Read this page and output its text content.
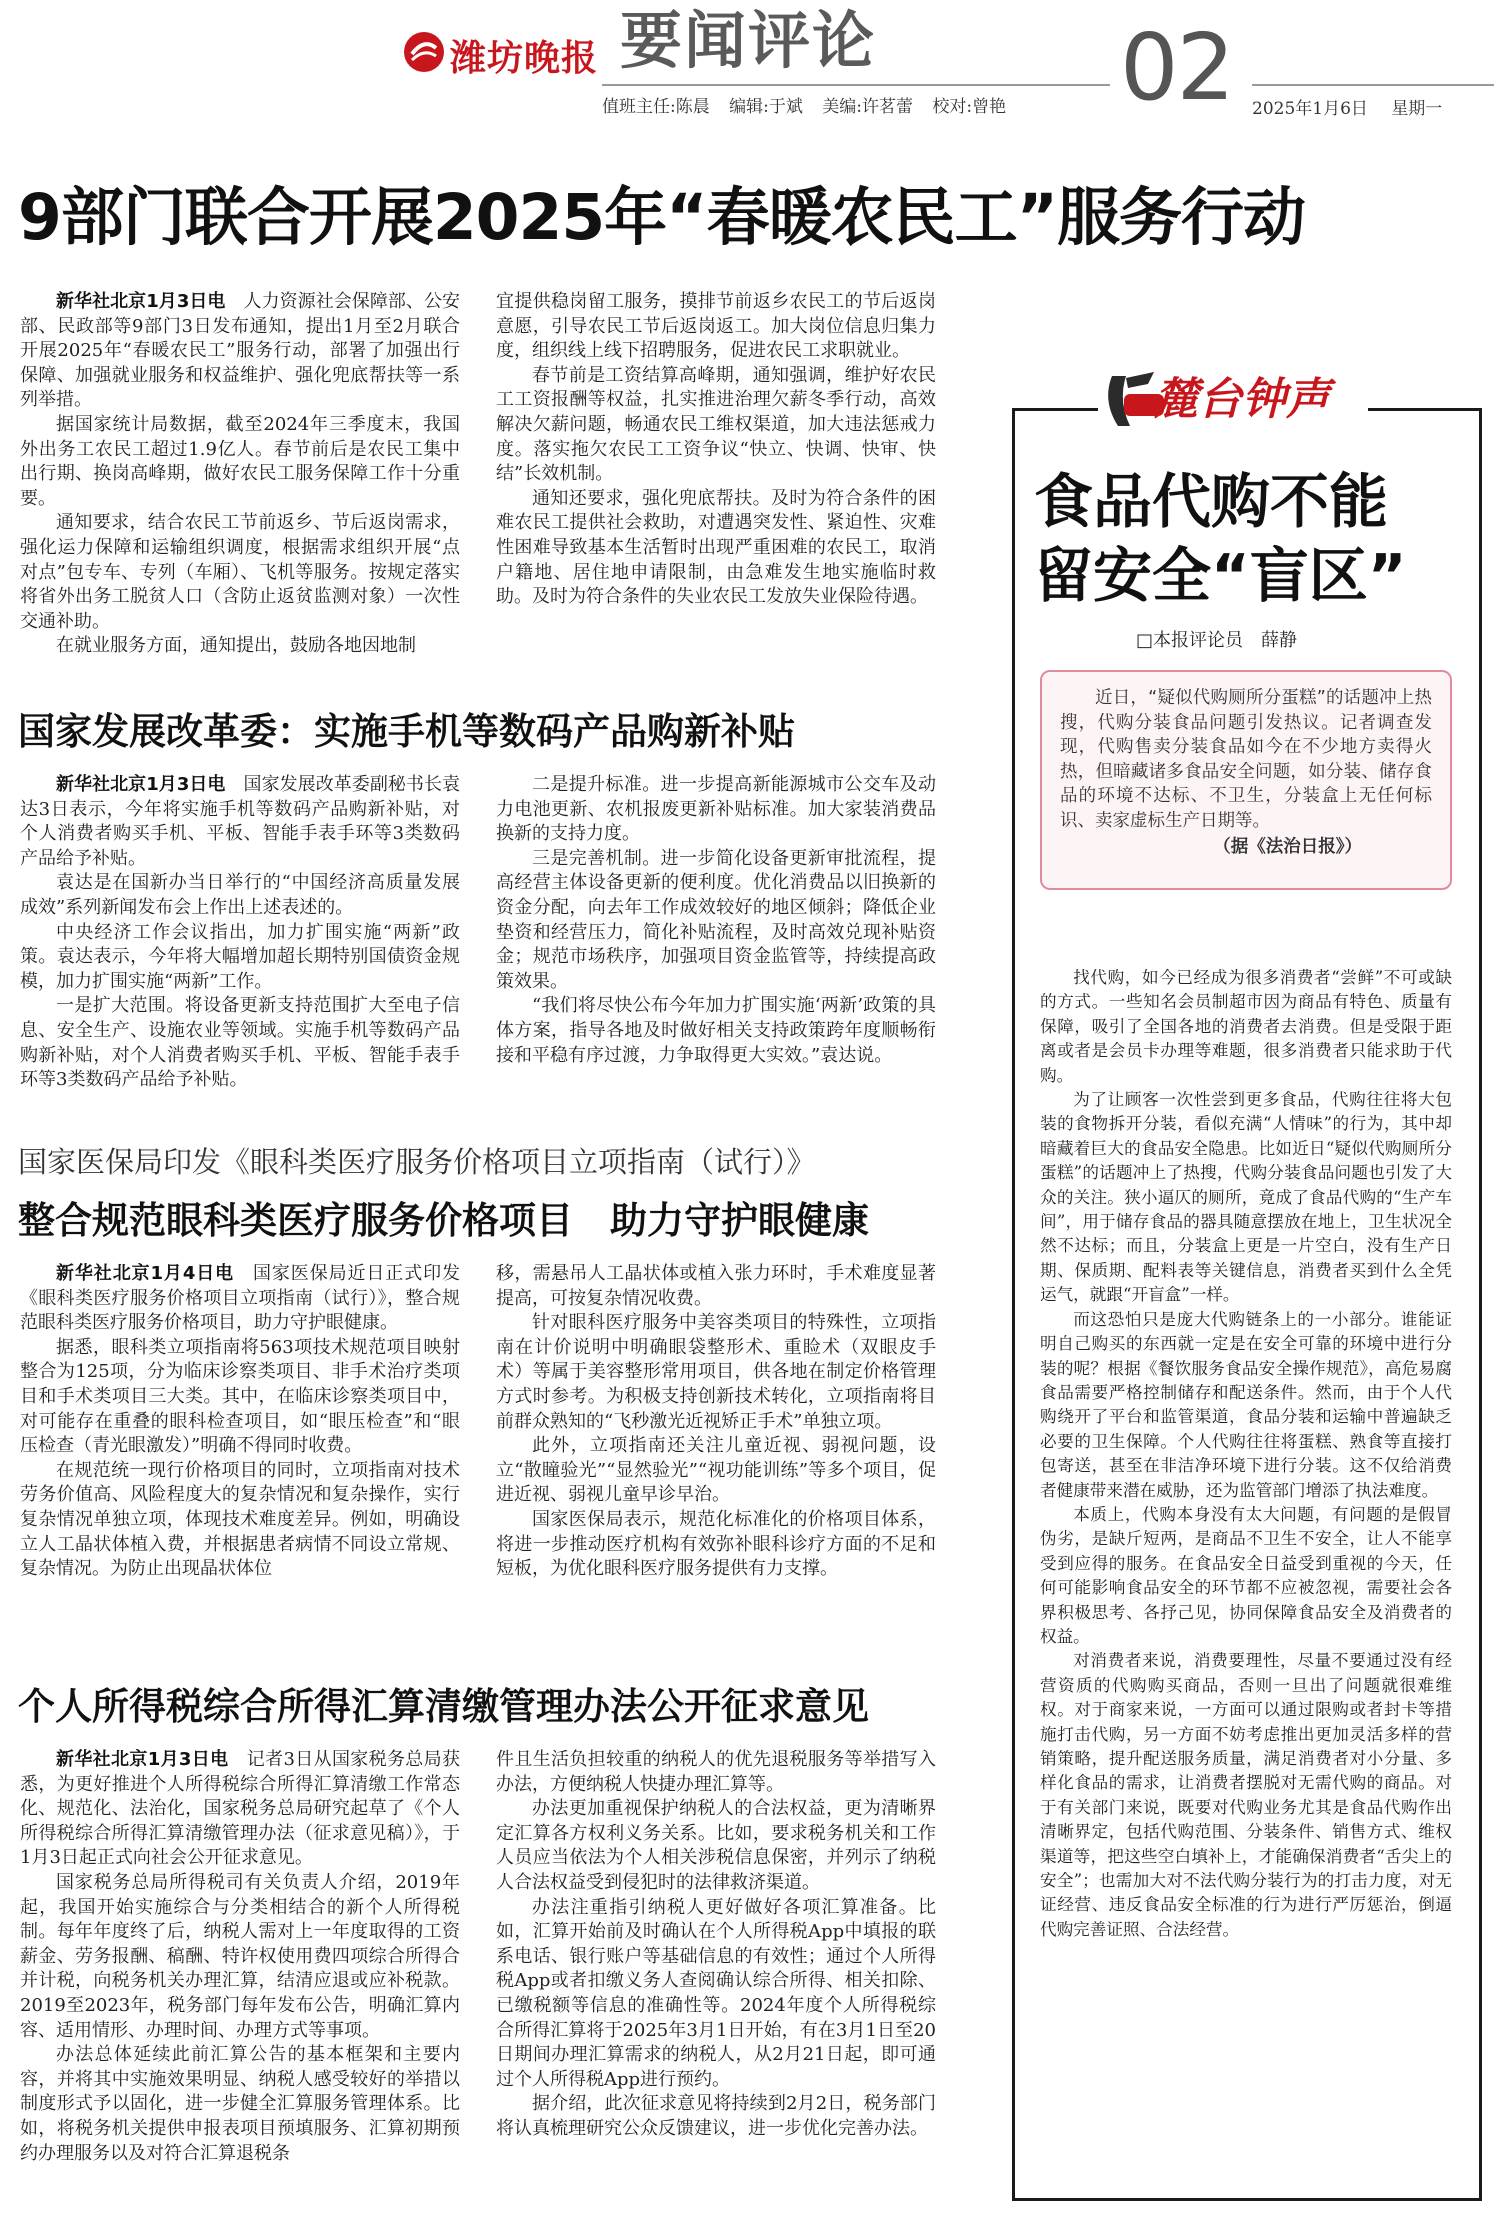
潍坊晚报 要闻评论
值班主任:陈晨 编辑:于斌 美编:许茗蕾 校对:曾艳 02 2025年1月6日 星期一
9部门联合开展2025年“春暖农民工”服务行动

新华社北京1月3日电　 人力资源社会保障部、公安部、民政部等9部门3日发布通知，提出1月至2月联合开展2025年“春暖农民工”服务行动，部署了加强出行保障、加强就业服务和权益维护、强化兜底帮扶等一系列举措。

据国家统计局数据，截至2024年三季度末，我国外出务工农民工超过1.9亿人。春节前后是农民工集中出行期、换岗高峰期，做好农民工服务保障工作十分重要。

通知要求，结合农民工节前返乡、节后返岗需求，强化运力保障和运输组织调度，根据需求组织开展“点对点”包专车、专列（车厢）、飞机等服务。按规定落实将省外出务工脱贫人口（含防止返贫监测对象）一次性交通补助。

在就业服务方面，通知提出，鼓励各地因地制

宜提供稳岗留工服务，摸排节前返乡农民工的节后返岗意愿，引导农民工节后返岗返工。加大岗位信息归集力度，组织线上线下招聘服务，促进农民工求职就业。

春节前是工资结算高峰期，通知强调，维护好农民工工资报酬等权益，扎实推进治理欠薪冬季行动，高效解决欠薪问题，畅通农民工维权渠道，加大违法惩戒力度。落实拖欠农民工工资争议“快立、快调、快审、快结”长效机制。

通知还要求，强化兜底帮扶。及时为符合条件的困难农民工提供社会救助，对遭遇突发性、紧迫性、灾难性困难导致基本生活暂时出现严重困难的农民工，取消户籍地、居住地申请限制，由急难发生地实施临时救助。及时为符合条件的失业农民工发放失业保险待遇。

国家发展改革委：实施手机等数码产品购新补贴

新华社北京1月3日电　 国家发展改革委副秘书长袁达3日表示，今年将实施手机等数码产品购新补贴，对个人消费者购买手机、平板、智能手表手环等3类数码产品给予补贴。

袁达是在国新办当日举行的“中国经济高质量发展成效”系列新闻发布会上作出上述表述的。

中央经济工作会议指出，加力扩围实施“两新”政策。袁达表示，今年将大幅增加超长期特别国债资金规模，加力扩围实施“两新”工作。

一是扩大范围。将设备更新支持范围扩大至电子信息、安全生产、设施农业等领域。实施手机等数码产品购新补贴，对个人消费者购买手机、平板、智能手表手环等3类数码产品给予补贴。

二是提升标准。进一步提高新能源城市公交车及动力电池更新、农机报废更新补贴标准。加大家装消费品换新的支持力度。

三是完善机制。进一步简化设备更新审批流程，提高经营主体设备更新的便利度。优化消费品以旧换新的资金分配，向去年工作成效较好的地区倾斜；降低企业垫资和经营压力，简化补贴流程，及时高效兑现补贴资金；规范市场秩序，加强项目资金监管等，持续提高政策效果。

“我们将尽快公布今年加力扩围实施‘两新’政策的具体方案，指导各地及时做好相关支持政策跨年度顺畅衔接和平稳有序过渡，力争取得更大实效。”袁达说。

国家医保局印发《眼科类医疗服务价格项目立项指南（试行）》
整合规范眼科类医疗服务价格项目　助力守护眼健康

新华社北京1月4日电　 国家医保局近日正式印发《眼科类医疗服务价格项目立项指南（试行）》，整合规范眼科类医疗服务价格项目，助力守护眼健康。

据悉，眼科类立项指南将563项技术规范项目映射整合为125项，分为临床诊察类项目、非手术治疗类项目和手术类项目三大类。其中，在临床诊察类项目中，对可能存在重叠的眼科检查项目，如“眼压检查”和“眼压检查（青光眼激发）”明确不得同时收费。

在规范统一现行价格项目的同时，立项指南对技术劳务价值高、风险程度大的复杂情况和复杂操作，实行复杂情况单独立项，体现技术难度差异。例如，明确设立人工晶状体植入费，并根据患者病情不同设立常规、复杂情况。为防止出现晶状体位

移，需悬吊人工晶状体或植入张力环时，手术难度显著提高，可按复杂情况收费。

针对眼科医疗服务中美容类项目的特殊性，立项指南在计价说明中明确眼袋整形术、重睑术（双眼皮手术）等属于美容整形常用项目，供各地在制定价格管理方式时参考。为积极支持创新技术转化，立项指南将目前群众熟知的“飞秒激光近视矫正手术”单独立项。

此外，立项指南还关注儿童近视、弱视问题，设立“散瞳验光”“显然验光”“视功能训练”等多个项目，促进近视、弱视儿童早诊早治。

国家医保局表示，规范化标准化的价格项目体系，将进一步推动医疗机构有效弥补眼科诊疗方面的不足和短板，为优化眼科医疗服务提供有力支撑。

个人所得税综合所得汇算清缴管理办法公开征求意见

新华社北京1月3日电　 记者3日从国家税务总局获悉，为更好推进个人所得税综合所得汇算清缴工作常态化、规范化、法治化，国家税务总局研究起草了《个人所得税综合所得汇算清缴管理办法（征求意见稿）》，于1月3日起正式向社会公开征求意见。

国家税务总局所得税司有关负责人介绍，2019年起，我国开始实施综合与分类相结合的新个人所得税制。每年年度终了后，纳税人需对上一年度取得的工资薪金、劳务报酬、稿酬、特许权使用费四项综合所得合并计税，向税务机关办理汇算，结清应退或应补税款。2019至2023年，税务部门每年发布公告，明确汇算内容、适用情形、办理时间、办理方式等事项。

办法总体延续此前汇算公告的基本框架和主要内容，并将其中实施效果明显、纳税人感受较好的举措以制度形式予以固化，进一步健全汇算服务管理体系。比如，将税务机关提供申报表项目预填服务、汇算初期预约办理服务以及对符合汇算退税条

件且生活负担较重的纳税人的优先退税服务等举措写入办法，方便纳税人快捷办理汇算等。

办法更加重视保护纳税人的合法权益，更为清晰界定汇算各方权利义务关系。比如，要求税务机关和工作人员应当依法为个人相关涉税信息保密，并列示了纳税人合法权益受到侵犯时的法律救济渠道。

办法注重指引纳税人更好做好各项汇算准备。比如，汇算开始前及时确认在个人所得税App中填报的联系电话、银行账户等基础信息的有效性；通过个人所得税App或者扣缴义务人查阅确认综合所得、相关扣除、已缴税额等信息的准确性等。2024年度个人所得税综合所得汇算将于2025年3月1日开始，有在3月1日至20日期间办理汇算需求的纳税人，从2月21日起，即可通过个人所得税App进行预约。

据介绍，此次征求意见将持续到2月2日，税务部门将认真梳理研究公众反馈建议，进一步优化完善办法。

麓台钟声
食品代购不能
留安全“盲区”
□本报评论员　薛静
近日，“疑似代购厕所分蛋糕”的话题冲上热搜，代购分装食品问题引发热议。记者调查发现，代购售卖分装食品如今在不少地方卖得火热，但暗藏诸多食品安全问题，如分装、储存食品的环境不达标、不卫生，分装盒上无任何标识、卖家虚标生产日期等。
（据《法治日报》）

找代购，如今已经成为很多消费者“尝鲜”不可或缺的方式。一些知名会员制超市因为商品有特色、质量有保障，吸引了全国各地的消费者去消费。但是受限于距离或者是会员卡办理等难题，很多消费者只能求助于代购。

为了让顾客一次性尝到更多食品，代购往往将大包装的食物拆开分装，看似充满“人情味”的行为，其中却暗藏着巨大的食品安全隐患。比如近日“疑似代购厕所分蛋糕”的话题冲上了热搜，代购分装食品问题也引发了大众的关注。狭小逼仄的厕所，竟成了食品代购的“生产车间”，用于储存食品的器具随意摆放在地上，卫生状况全然不达标；而且，分装盒上更是一片空白，没有生产日期、保质期、配料表等关键信息，消费者买到什么全凭运气，就跟“开盲盒”一样。

而这恐怕只是庞大代购链条上的一小部分。谁能证明自己购买的东西就一定是在安全可靠的环境中进行分装的呢？根据《餐饮服务食品安全操作规范》，高危易腐食品需要严格控制储存和配送条件。然而，由于个人代购绕开了平台和监管渠道，食品分装和运输中普遍缺乏必要的卫生保障。个人代购往往将蛋糕、熟食等直接打包寄送，甚至在非洁净环境下进行分装。这不仅给消费者健康带来潜在威胁，还为监管部门增添了执法难度。

本质上，代购本身没有太大问题，有问题的是假冒伪劣，是缺斤短两，是商品不卫生不安全，让人不能享受到应得的服务。在食品安全日益受到重视的今天，任何可能影响食品安全的环节都不应被忽视，需要社会各界积极思考、各抒己见，协同保障食品安全及消费者的权益。

对消费者来说，消费要理性，尽量不要通过没有经营资质的代购购买商品，否则一旦出了问题就很难维权。对于商家来说，一方面可以通过限购或者封卡等措施打击代购，另一方面不妨考虑推出更加灵活多样的营销策略，提升配送服务质量，满足消费者对小分量、多样化食品的需求，让消费者摆脱对无需代购的商品。对于有关部门来说，既要对代购业务尤其是食品代购作出清晰界定，包括代购范围、分装条件、销售方式、维权渠道等，把这些空白填补上，才能确保消费者“舌尖上的安全”；也需加大对不法代购分装行为的打击力度，对无证经营、违反食品安全标准的行为进行严厉惩治，倒逼代购完善证照、合法经营。
